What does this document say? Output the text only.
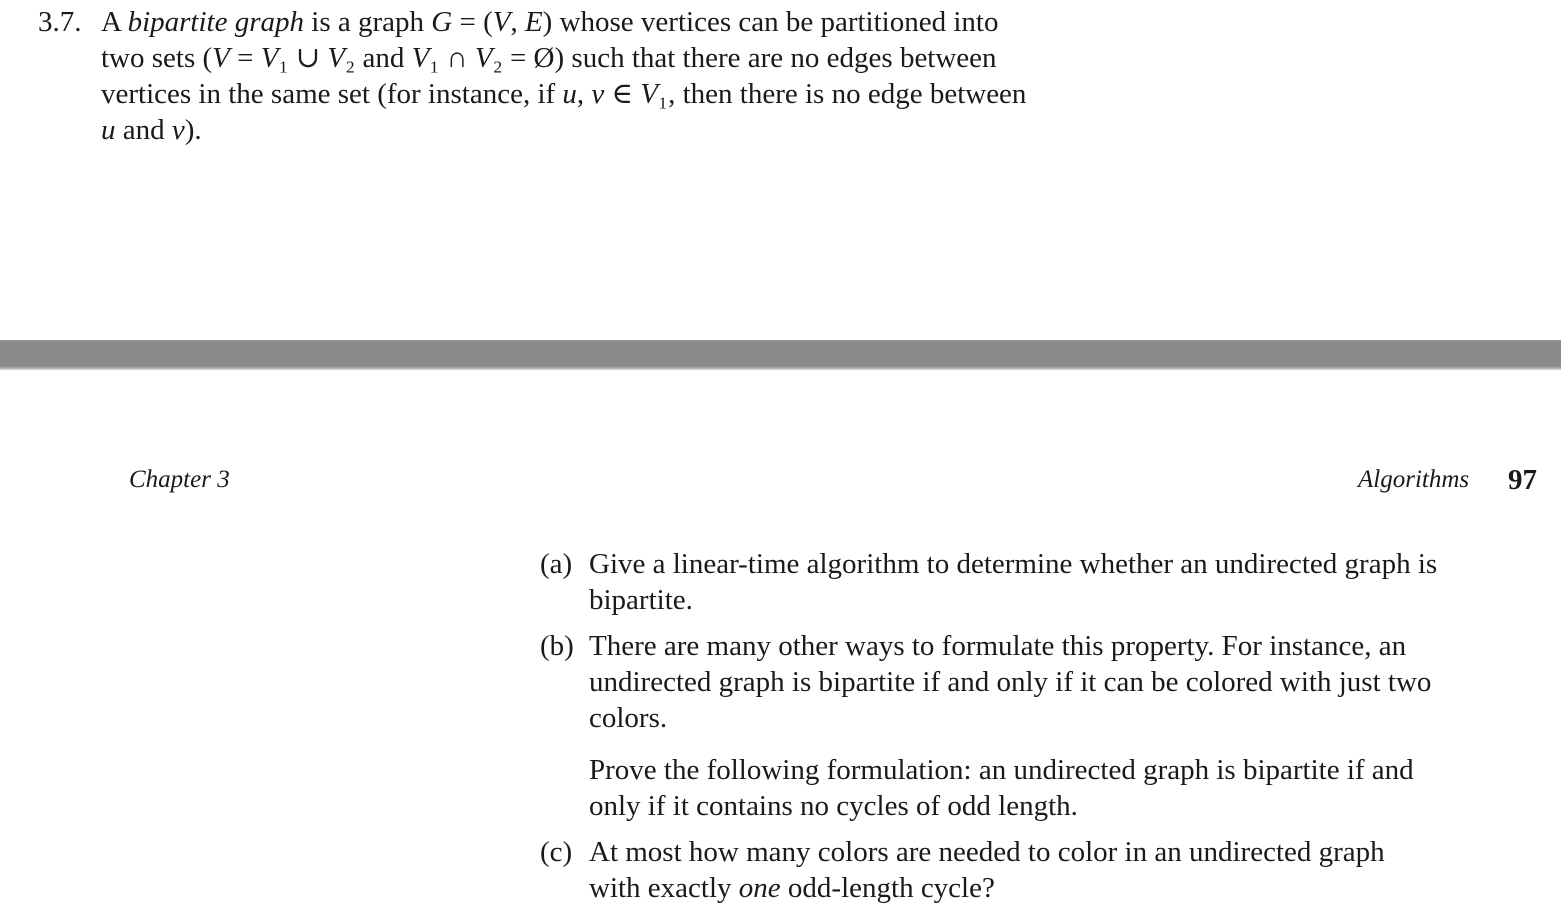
3.7. A bipartite graph is a graph G = (V, E) whose vertices can be partitioned into
two sets (V = V₁ ∪ V₂ and V₁ ∩ V₂ = Ø) such that there are no edges between
vertices in the same set (for instance, if u, v ∈ V₁, then there is no edge between
u and v).
Chapter 3	Algorithms 97
(a) Give a linear-time algorithm to determine whether an undirected graph is
bipartite.
(b) There are many other ways to formulate this property. For instance, an
undirected graph is bipartite if and only if it can be colored with just two
colors.
Prove the following formulation: an undirected graph is bipartite if and
only if it contains no cycles of odd length.
(c) At most how many colors are needed to color in an undirected graph
with exactly one odd-length cycle?
